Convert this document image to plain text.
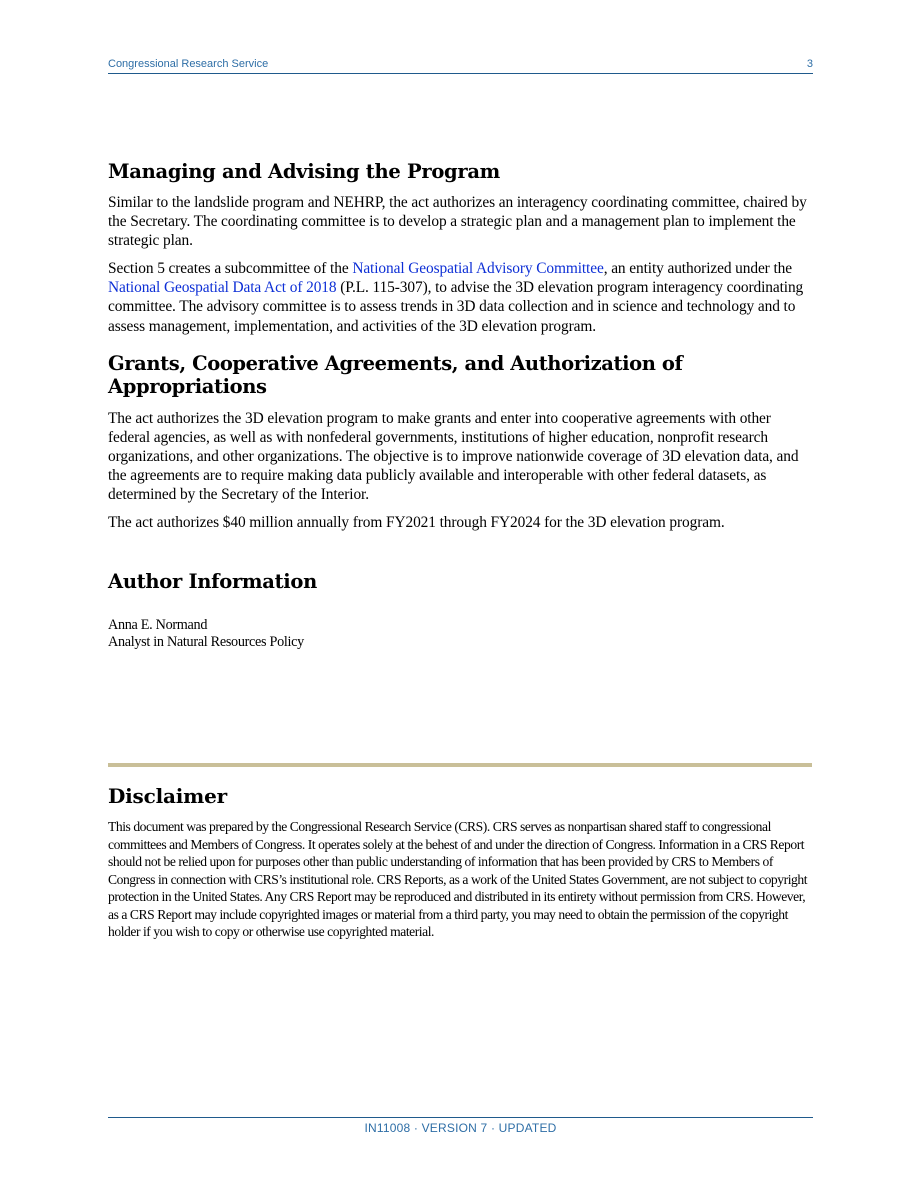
Congressional Research Service	3
Managing and Advising the Program

Similar to the landslide program and NEHRP, the act authorizes an interagency coordinating committee, chaired by the Secretary. The coordinating committee is to develop a strategic plan and a management plan to implement the strategic plan.

Section 5 creates a subcommittee of the National Geospatial Advisory Committee, an entity authorized under the National Geospatial Data Act of 2018 (P.L. 115-307), to advise the 3D elevation program interagency coordinating committee. The advisory committee is to assess trends in 3D data collection and in science and technology and to assess management, implementation, and activities of the 3D elevation program.

Grants, Cooperative Agreements, and Authorization of Appropriations

The act authorizes the 3D elevation program to make grants and enter into cooperative agreements with other federal agencies, as well as with nonfederal governments, institutions of higher education, nonprofit research organizations, and other organizations. The objective is to improve nationwide coverage of 3D elevation data, and the agreements are to require making data publicly available and interoperable with other federal datasets, as determined by the Secretary of the Interior.

The act authorizes $40 million annually from FY2021 through FY2024 for the 3D elevation program.

Author Information
Anna E. Normand
Analyst in Natural Resources Policy
Disclaimer

This document was prepared by the Congressional Research Service (CRS). CRS serves as nonpartisan shared staff to congressional committees and Members of Congress. It operates solely at the behest of and under the direction of Congress. Information in a CRS Report should not be relied upon for purposes other than public understanding of information that has been provided by CRS to Members of Congress in connection with CRS’s institutional role. CRS Reports, as a work of the United States Government, are not subject to copyright protection in the United States. Any CRS Report may be reproduced and distributed in its entirety without permission from CRS. However, as a CRS Report may include copyrighted images or material from a third party, you may need to obtain the permission of the copyright holder if you wish to copy or otherwise use copyrighted material.

IN11008 · VERSION 7 · UPDATED
